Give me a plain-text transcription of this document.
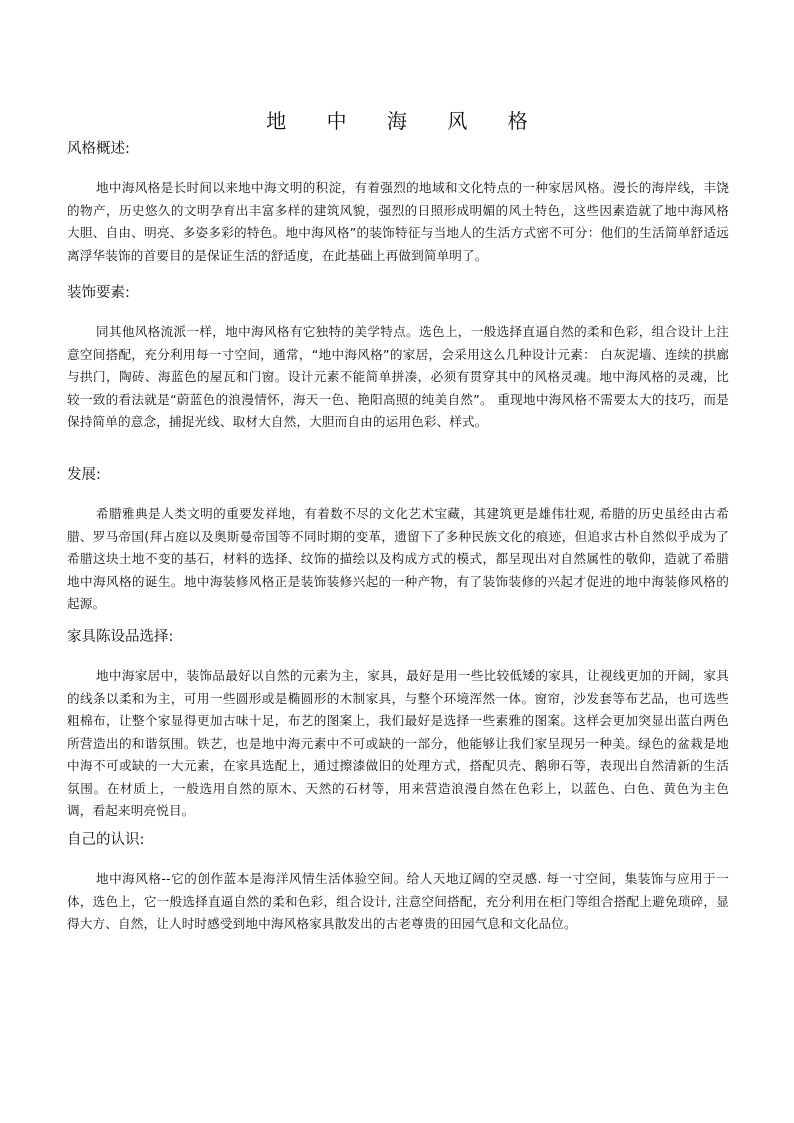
地 中 海 风 格
风格概述:

地中海风格是长时间以来地中海文明的积淀，有着强烈的地域和文化特点的一种家居风格。漫长的海岸线，丰饶的物产，历史悠久的文明孕育出丰富多样的建筑风貌，强烈的日照形成明媚的风土特色，这些因素造就了地中海风格大胆、自由、明亮、多姿多彩的特色。地中海风格”的装饰特征与当地人的生活方式密不可分：他们的生活简单舒适远离浮华装饰的首要目的是保证生活的舒适度，在此基础上再做到简单明了。

装饰要素:

同其他风格流派一样，地中海风格有它独特的美学特点。选色上，一般选择直逼自然的柔和色彩，组合设计上注意空间搭配，充分利用每一寸空间，通常，“地中海风格”的家居，会采用这么几种设计元素： 白灰泥墙、连续的拱廊与拱门，陶砖、海蓝色的屋瓦和门窗。设计元素不能简单拼凑，必须有贯穿其中的风格灵魂。地中海风格的灵魂，比较一致的看法就是“蔚蓝色的浪漫情怀，海天一色、艳阳高照的纯美自然”。 重现地中海风格不需要太大的技巧，而是保持简单的意念，捕捉光线、取材大自然，大胆而自由的运用色彩、样式。

发展:

希腊雅典是人类文明的重要发祥地，有着数不尽的文化艺术宝藏，其建筑更是雄伟壮观, 希腊的历史虽经由古希腊、罗马帝国(拜占庭以及奥斯曼帝国等不同时期的变革，遗留下了多种民族文化的痕迹，但追求古朴自然似乎成为了希腊这块土地不变的基石，材料的选择、纹饰的描绘以及构成方式的模式，都呈现出对自然属性的敬仰，造就了希腊地中海风格的诞生。地中海装修风格正是装饰装修兴起的一种产物，有了装饰装修的兴起才促进的地中海装修风格的起源。

家具陈设品选择:

地中海家居中，装饰品最好以自然的元素为主，家具，最好是用一些比较低矮的家具，让视线更加的开阔，家具的线条以柔和为主，可用一些圆形或是椭圆形的木制家具，与整个环境浑然一体。窗帘，沙发套等布艺品，也可选些粗棉布，让整个家显得更加古味十足，布艺的图案上，我们最好是选择一些素雅的图案。这样会更加突显出蓝白两色所营造出的和谐氛围。铁艺，也是地中海元素中不可或缺的一部分，他能够让我们家呈现另一种美。绿色的盆栽是地中海不可或缺的一大元素，在家具选配上，通过擦漆做旧的处理方式，搭配贝壳、鹅卵石等，表现出自然清新的生活氛围。在材质上，一般选用自然的原木、天然的石材等，用来营造浪漫自然在色彩上，以蓝色、白色、黄色为主色调，看起来明亮悦目。

自己的认识:

地中海风格--它的创作蓝本是海洋风情生活体验空间。给人天地辽阔的空灵感. 每一寸空间，集装饰与应用于一体，选色上，它一般选择直逼自然的柔和色彩，组合设计, 注意空间搭配，充分利用在柜门等组合搭配上避免琐碎，显得大方、自然，让人时时感受到地中海风格家具散发出的古老尊贵的田园气息和文化品位。
